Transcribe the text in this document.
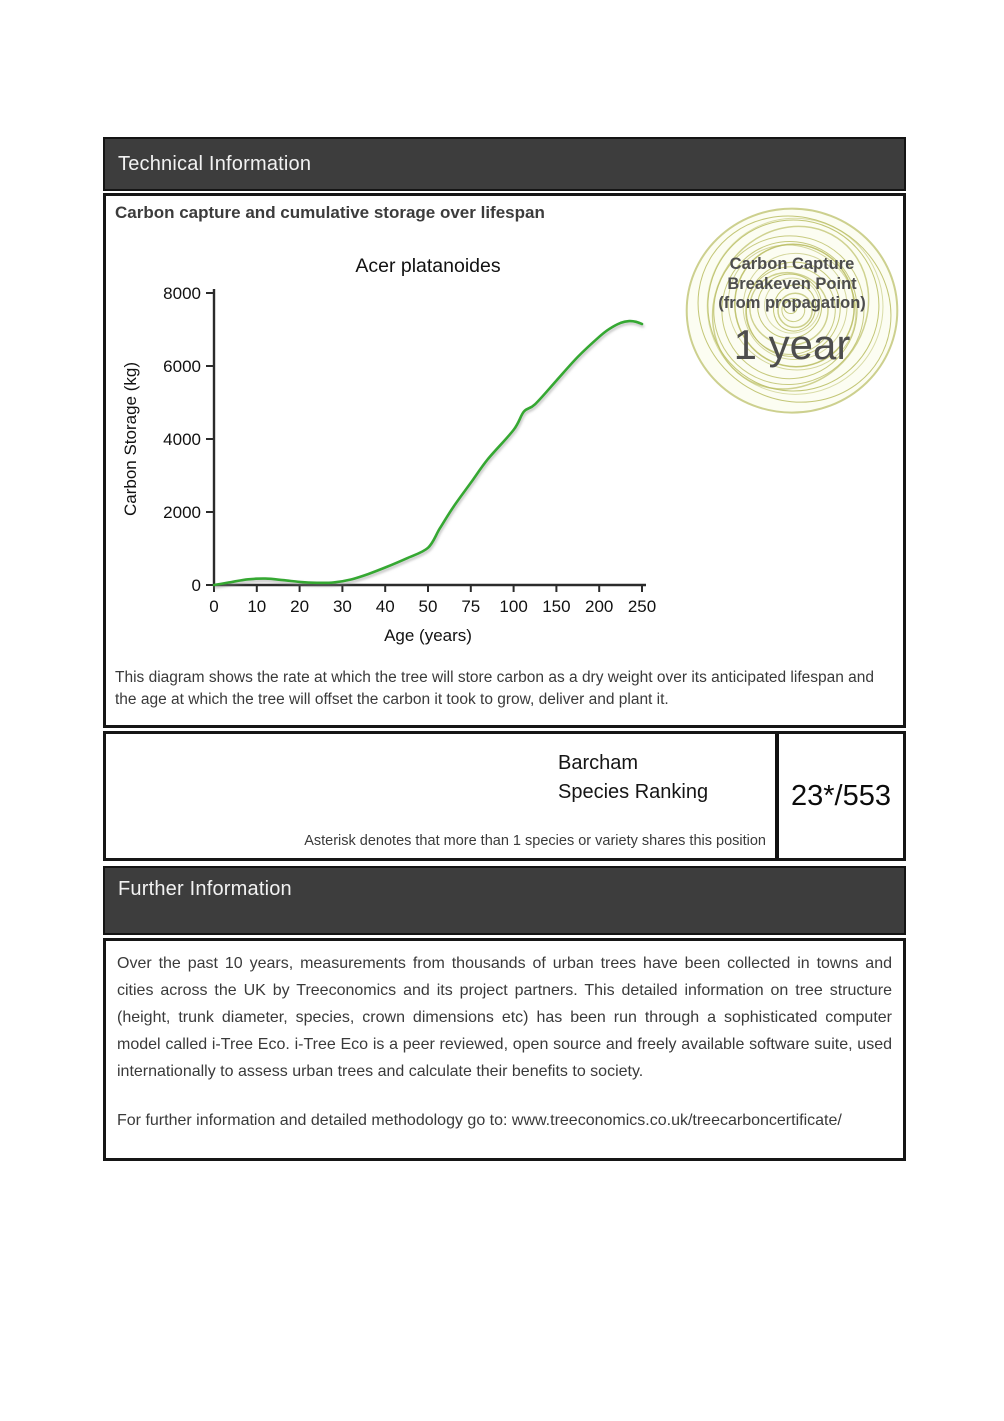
Technical Information
Carbon capture and cumulative storage over lifespan
Acer platanoides
Age (years)
Carbon Storage (kg)
0 10 20 30 40 50 75 100 150 200 250
0
2000
4000
6000
8000
Carbon Capture
Breakeven Point
(from propagation)
1 year
This diagram shows the rate at which the tree will store carbon as a dry weight over its anticipated lifespan and the age at which the tree will offset the carbon it took to grow, deliver and plant it.
Barcham
Species Ranking
Asterisk denotes that more than 1 species or variety shares this position
23*/553
Further Information
Over the past 10 years, measurements from thousands of urban trees have been collected in towns and cities across the UK by Treeconomics and its project partners. This detailed information on tree structure (height, trunk diameter, species, crown dimensions etc) has been run through a sophisticated computer model called i-Tree Eco. i-Tree Eco is a peer reviewed, open source and freely available software suite, used internationally to assess urban trees and calculate their benefits to society.
For further information and detailed methodology go to: www.treeconomics.co.uk/treecarboncertificate/
